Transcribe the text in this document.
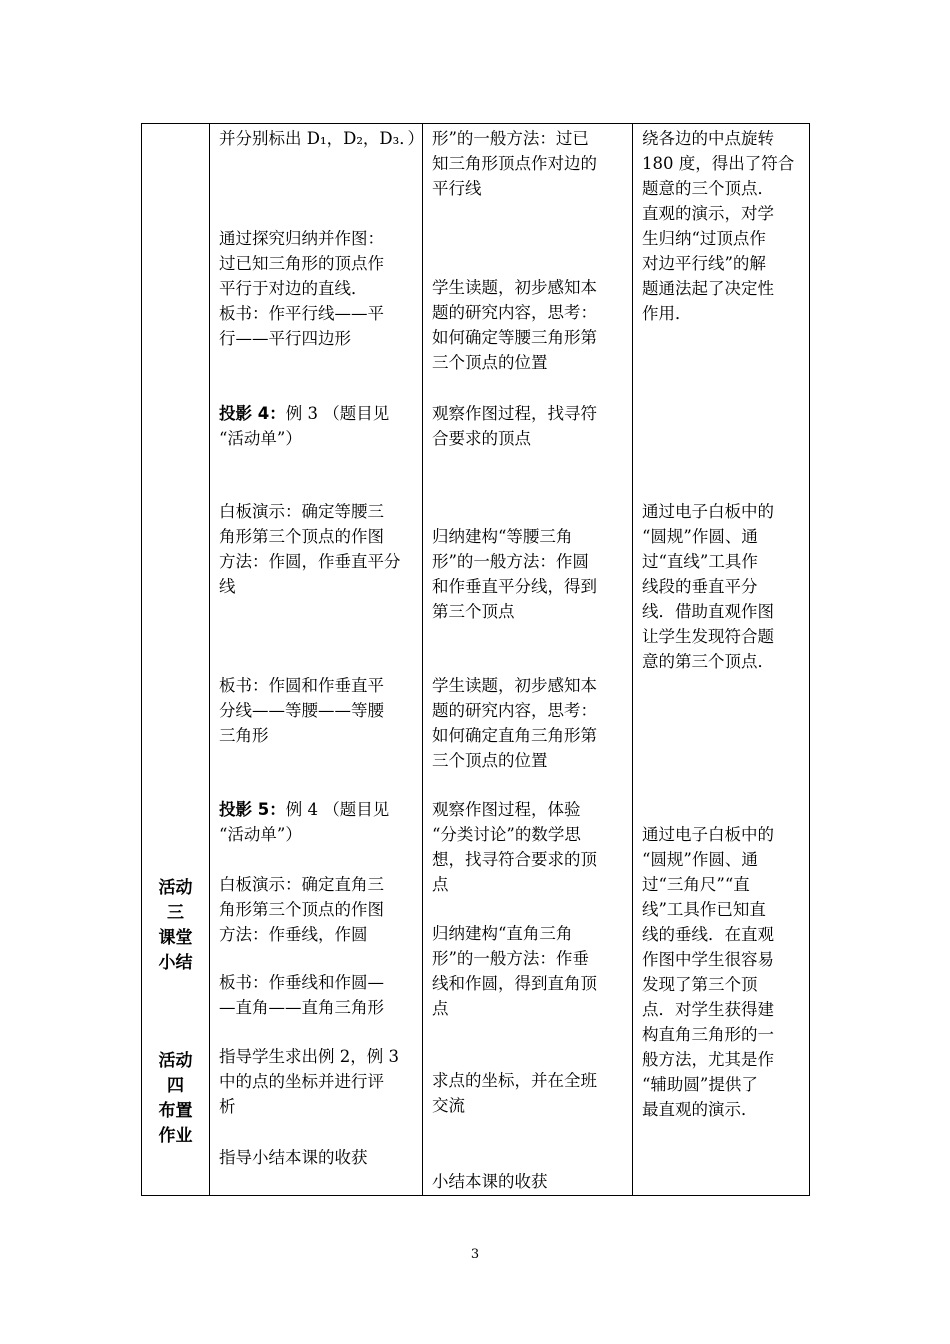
活动
三
课堂
小结
活动
四
布置
作业
并分别标出 D₁，D₂，D₃．）
通过探究归纳并作图：
过已知三角形的顶点作
平行于对边的直线．
板书：作平行线——平
行——平行四边形
投影 4：例 3 （题目见
“活动单”）
白板演示：确定等腰三
角形第三个顶点的作图
方法：作圆，作垂直平分
线
板书：作圆和作垂直平
分线——等腰——等腰
三角形
投影 5：例 4 （题目见
“活动单”）
白板演示：确定直角三
角形第三个顶点的作图
方法：作垂线，作圆
板书：作垂线和作圆—
—直角——直角三角形
指导学生求出例 2，例 3
中的点的坐标并进行评
析
指导小结本课的收获
形”的一般方法：过已
知三角形顶点作对边的
平行线
学生读题，初步感知本
题的研究内容，思考：
如何确定等腰三角形第
三个顶点的位置
观察作图过程，找寻符
合要求的顶点
归纳建构“等腰三角
形”的一般方法：作圆
和作垂直平分线，得到
第三个顶点
学生读题，初步感知本
题的研究内容，思考：
如何确定直角三角形第
三个顶点的位置
观察作图过程，体验
“分类讨论”的数学思
想，找寻符合要求的顶
点
归纳建构“直角三角
形”的一般方法：作垂
线和作圆，得到直角顶
点
求点的坐标，并在全班
交流
小结本课的收获
绕各边的中点旋转
180 度，得出了符合
题意的三个顶点．
直观的演示，对学
生归纳“过顶点作
对边平行线”的解
题通法起了决定性
作用．
通过电子白板中的
“圆规”作圆、通
过“直线”工具作
线段的垂直平分
线．借助直观作图
让学生发现符合题
意的第三个顶点．
通过电子白板中的
“圆规”作圆、通
过“三角尺”“直
线”工具作已知直
线的垂线．在直观
作图中学生很容易
发现了第三个顶
点．对学生获得建
构直角三角形的一
般方法，尤其是作
“辅助圆”提供了
最直观的演示．
3
